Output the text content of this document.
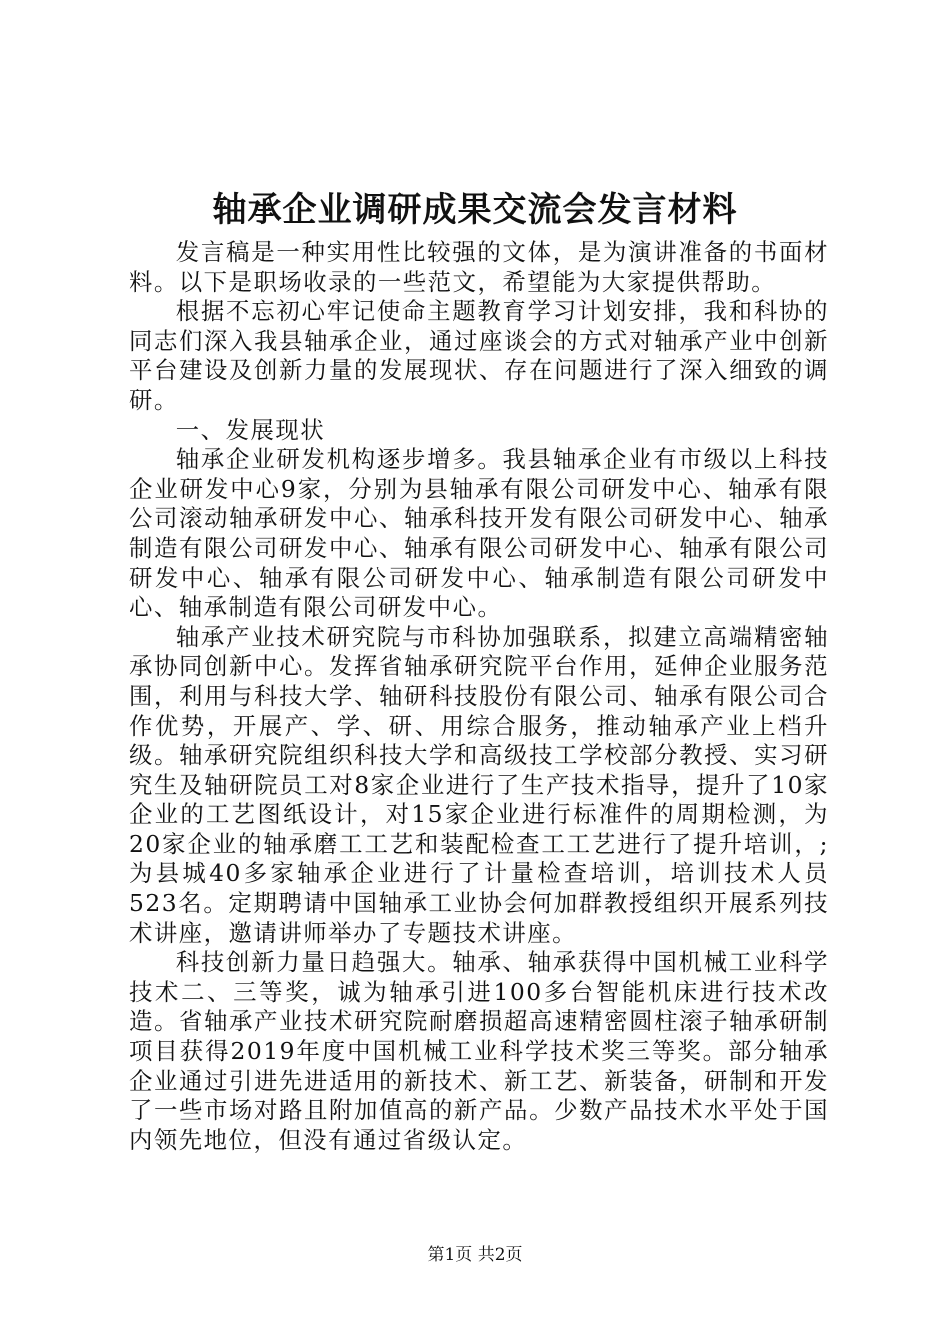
轴承企业调研成果交流会发言材料

发言稿是一种实用性比较强的文体，是为演讲准备的书面材料。以下是职场收录的一些范文，希望能为大家提供帮助。

根据不忘初心牢记使命主题教育学习计划安排，我和科协的同志们深入我县轴承企业，通过座谈会的方式对轴承产业中创新平台建设及创新力量的发展现状、存在问题进行了深入细致的调研。

一、发展现状

轴承企业研发机构逐步增多。我县轴承企业有市级以上科技企业研发中心9家，分别为县轴承有限公司研发中心、轴承有限公司滚动轴承研发中心、轴承科技开发有限公司研发中心、轴承制造有限公司研发中心、轴承有限公司研发中心、轴承有限公司研发中心、轴承有限公司研发中心、轴承制造有限公司研发中心、轴承制造有限公司研发中心。

轴承产业技术研究院与市科协加强联系，拟建立高端精密轴承协同创新中心。发挥省轴承研究院平台作用，延伸企业服务范围，利用与科技大学、轴研科技股份有限公司、轴承有限公司合作优势，开展产、学、研、用综合服务，推动轴承产业上档升级。轴承研究院组织科技大学和高级技工学校部分教授、实习研究生及轴研院员工对8家企业进行了生产技术指导，提升了10家企业的工艺图纸设计，对15家企业进行标准件的周期检测，为20家企业的轴承磨工工艺和装配检查工工艺进行了提升培训，;为县城40多家轴承企业进行了计量检查培训，培训技术人员523名。定期聘请中国轴承工业协会何加群教授组织开展系列技术讲座，邀请讲师举办了专题技术讲座。

科技创新力量日趋强大。轴承、轴承获得中国机械工业科学技术二、三等奖，诚为轴承引进100多台智能机床进行技术改造。省轴承产业技术研究院耐磨损超高速精密圆柱滚子轴承研制项目获得2019年度中国机械工业科学技术奖三等奖。部分轴承企业通过引进先进适用的新技术、新工艺、新装备，研制和开发了一些市场对路且附加值高的新产品。少数产品技术水平处于国内领先地位，但没有通过省级认定。

第1页 共2页
